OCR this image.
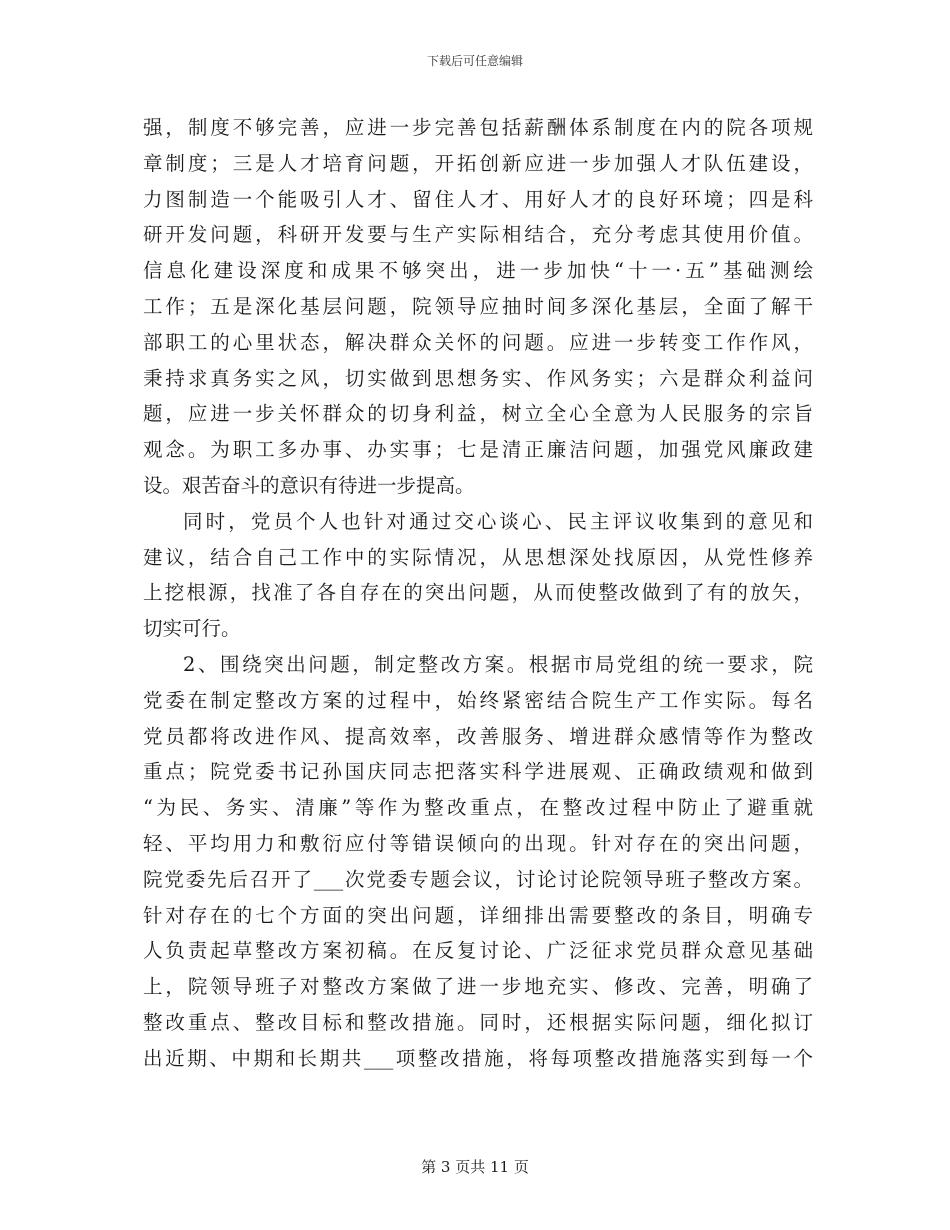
下载后可任意编辑
强，制度不够完善，应进一步完善包括薪酬体系制度在内的院各项规
章制度；三是人才培育问题，开拓创新应进一步加强人才队伍建设，
力图制造一个能吸引人才、留住人才、用好人才的良好环境；四是科
研开发问题，科研开发要与生产实际相结合，充分考虑其使用价值。
信息化建设深度和成果不够突出，进一步加快“十一·五”基础测绘
工作；五是深化基层问题，院领导应抽时间多深化基层，全面了解干
部职工的心里状态，解决群众关怀的问题。应进一步转变工作作风，
秉持求真务实之风，切实做到思想务实、作风务实；六是群众利益问
题，应进一步关怀群众的切身利益，树立全心全意为人民服务的宗旨
观念。为职工多办事、办实事；七是清正廉洁问题，加强党风廉政建
设。艰苦奋斗的意识有待进一步提高。
同时，党员个人也针对通过交心谈心、民主评议收集到的意见和
建议，结合自己工作中的实际情况，从思想深处找原因，从党性修养
上挖根源，找准了各自存在的突出问题，从而使整改做到了有的放矢，
切实可行。
2、围绕突出问题，制定整改方案。根据市局党组的统一要求，院
党委在制定整改方案的过程中，始终紧密结合院生产工作实际。每名
党员都将改进作风、提高效率，改善服务、增进群众感情等作为整改
重点；院党委书记孙国庆同志把落实科学进展观、正确政绩观和做到
“为民、务实、清廉”等作为整改重点，在整改过程中防止了避重就
轻、平均用力和敷衍应付等错误倾向的出现。针对存在的突出问题，
院党委先后召开了___次党委专题会议，讨论讨论院领导班子整改方案。
针对存在的七个方面的突出问题，详细排出需要整改的条目，明确专
人负责起草整改方案初稿。在反复讨论、广泛征求党员群众意见基础
上，院领导班子对整改方案做了进一步地充实、修改、完善，明确了
整改重点、整改目标和整改措施。同时，还根据实际问题，细化拟订
出近期、中期和长期共___项整改措施，将每项整改措施落实到每一个
第 3 页共 11 页
